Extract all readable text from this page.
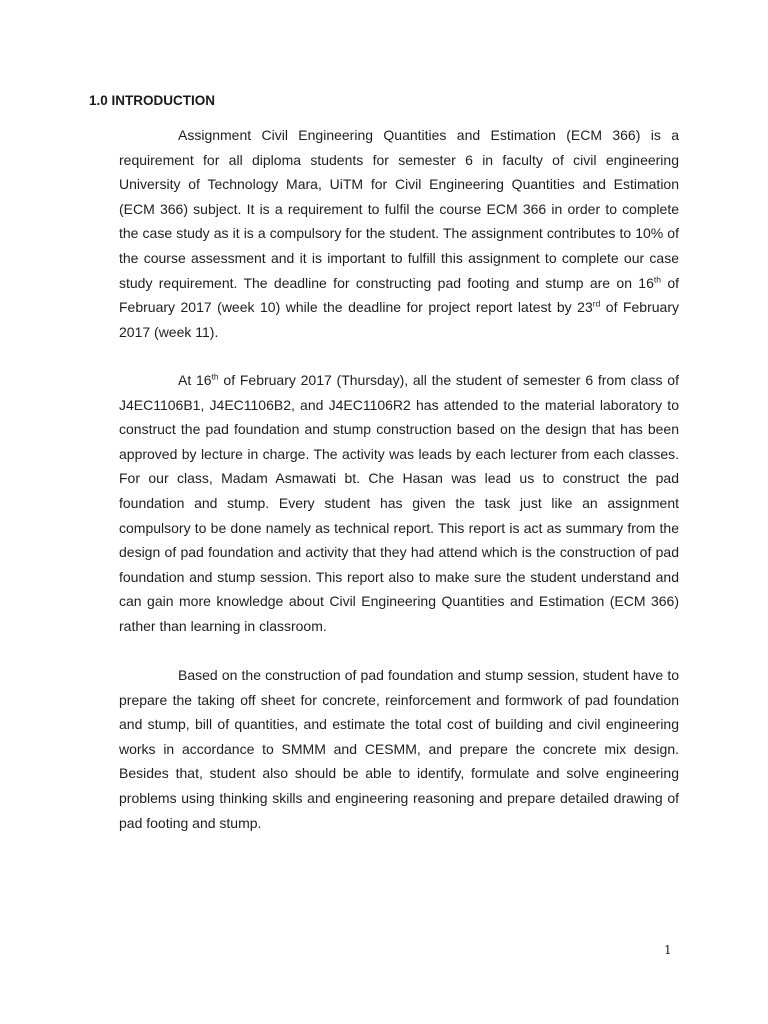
1.0 INTRODUCTION

Assignment Civil Engineering Quantities and Estimation (ECM 366) is a requirement for all diploma students for semester 6 in faculty of civil engineering University of Technology Mara, UiTM for Civil Engineering Quantities and Estimation (ECM 366) subject. It is a requirement to fulfil the course ECM 366 in order to complete the case study as it is a compulsory for the student. The assignment contributes to 10% of the course assessment and it is important to fulfill this assignment to complete our case study requirement. The deadline for constructing pad footing and stump are on 16th of February 2017 (week 10) while the deadline for project report latest by 23rd of February 2017 (week 11).

At 16th of February 2017 (Thursday), all the student of semester 6 from class of J4EC1106B1, J4EC1106B2, and J4EC1106R2 has attended to the material laboratory to construct the pad foundation and stump construction based on the design that has been approved by lecture in charge. The activity was leads by each lecturer from each classes. For our class, Madam Asmawati bt. Che Hasan was lead us to construct the pad foundation and stump. Every student has given the task just like an assignment compulsory to be done namely as technical report. This report is act as summary from the design of pad foundation and activity that they had attend which is the construction of pad foundation and stump session. This report also to make sure the student understand and can gain more knowledge about Civil Engineering Quantities and Estimation (ECM 366) rather than learning in classroom.

Based on the construction of pad foundation and stump session, student have to prepare the taking off sheet for concrete, reinforcement and formwork of pad foundation and stump, bill of quantities, and estimate the total cost of building and civil engineering works in accordance to SMMM and CESMM, and prepare the concrete mix design. Besides that, student also should be able to identify, formulate and solve engineering problems using thinking skills and engineering reasoning and prepare detailed drawing of pad footing and stump.

1
